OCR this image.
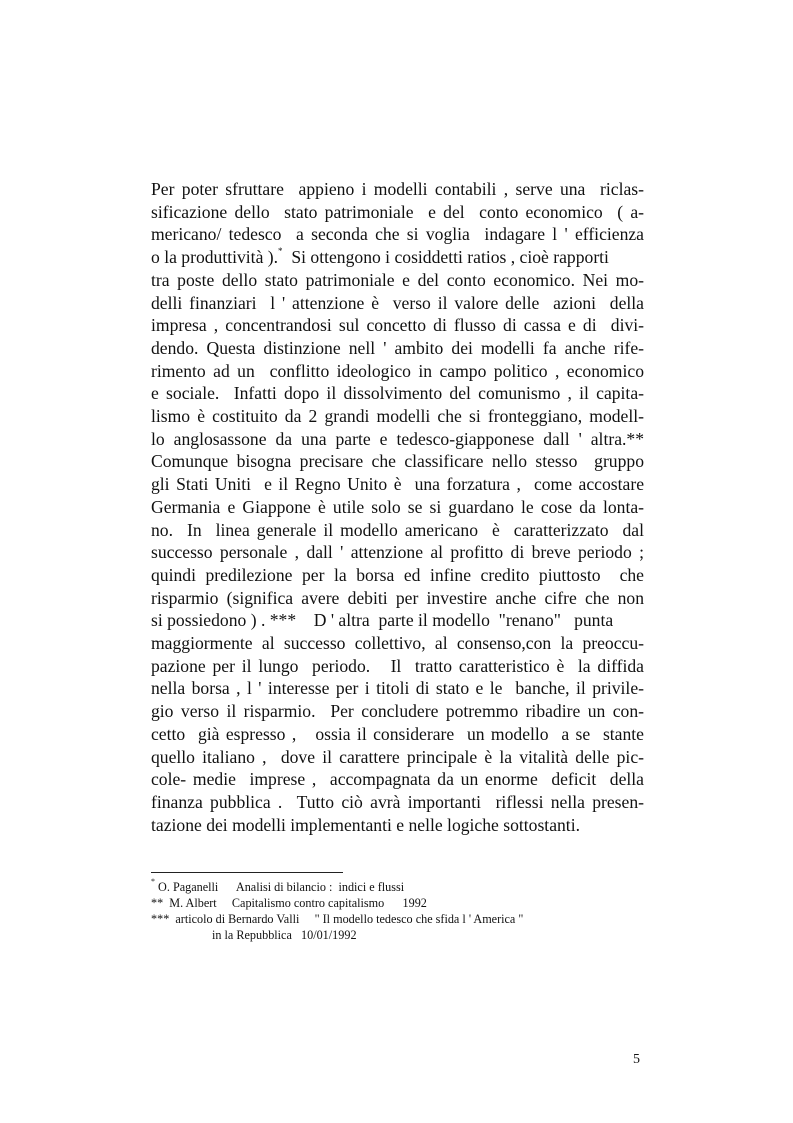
Per poter sfruttare  appieno i modelli contabili , serve una  riclas-
sificazione dello  stato patrimoniale  e del  conto economico  ( a-
mericano/ tedesco  a seconda che si voglia  indagare l ' efficienza
o la produttività ).* Si ottengono i cosiddetti ratios , cioè rapporti
tra poste dello stato patrimoniale e del conto economico. Nei mo-
delli finanziari  l ' attenzione è  verso il valore delle  azioni  della
impresa , concentrandosi sul concetto di flusso di cassa e di  divi-
dendo. Questa distinzione nell ' ambito dei modelli fa anche rife-
rimento ad un  conflitto ideologico in campo politico , economico
e sociale.  Infatti dopo il dissolvimento del comunismo , il capita-
lismo è costituito da 2 grandi modelli che si fronteggiano, modell-
lo anglosassone da una parte e tedesco-giapponese dall ' altra.**
Comunque bisogna precisare che classificare nello stesso  gruppo
gli Stati Uniti  e il Regno Unito è  una forzatura ,  come accostare
Germania e Giappone è utile solo se si guardano le cose da lonta-
no.  In  linea generale il modello americano  è  caratterizzato  dal
successo personale , dall ' attenzione al profitto di breve periodo ;
quindi predilezione per la borsa ed infine credito piuttosto  che
risparmio (significa avere debiti per investire anche cifre che non
si possiedono ) . *** D ' altra  parte il modello  "renano"   punta
maggiormente al successo collettivo, al consenso,con la preoccu-
pazione per il lungo  periodo.   Il  tratto caratteristico è  la diffida
nella borsa , l ' interesse per i titoli di stato e le  banche, il privile-
gio verso il risparmio.  Per concludere potremmo ribadire un con-
cetto  già espresso ,   ossia il considerare  un modello  a se  stante
quello italiano ,  dove il carattere principale è la vitalità delle pic-
cole- medie  imprese ,  accompagnata da un enorme  deficit  della
finanza pubblica .  Tutto ciò avrà importanti  riflessi nella presen-
tazione dei modelli implementanti e nelle logiche sottostanti.
* O. Paganelli      Analisi di bilancio :  indici e flussi
**  M. Albert     Capitalismo contro capitalismo      1992
***  articolo di Bernardo Valli     " Il modello tedesco che sfida l ' America "
in la Repubblica   10/01/1992
5
